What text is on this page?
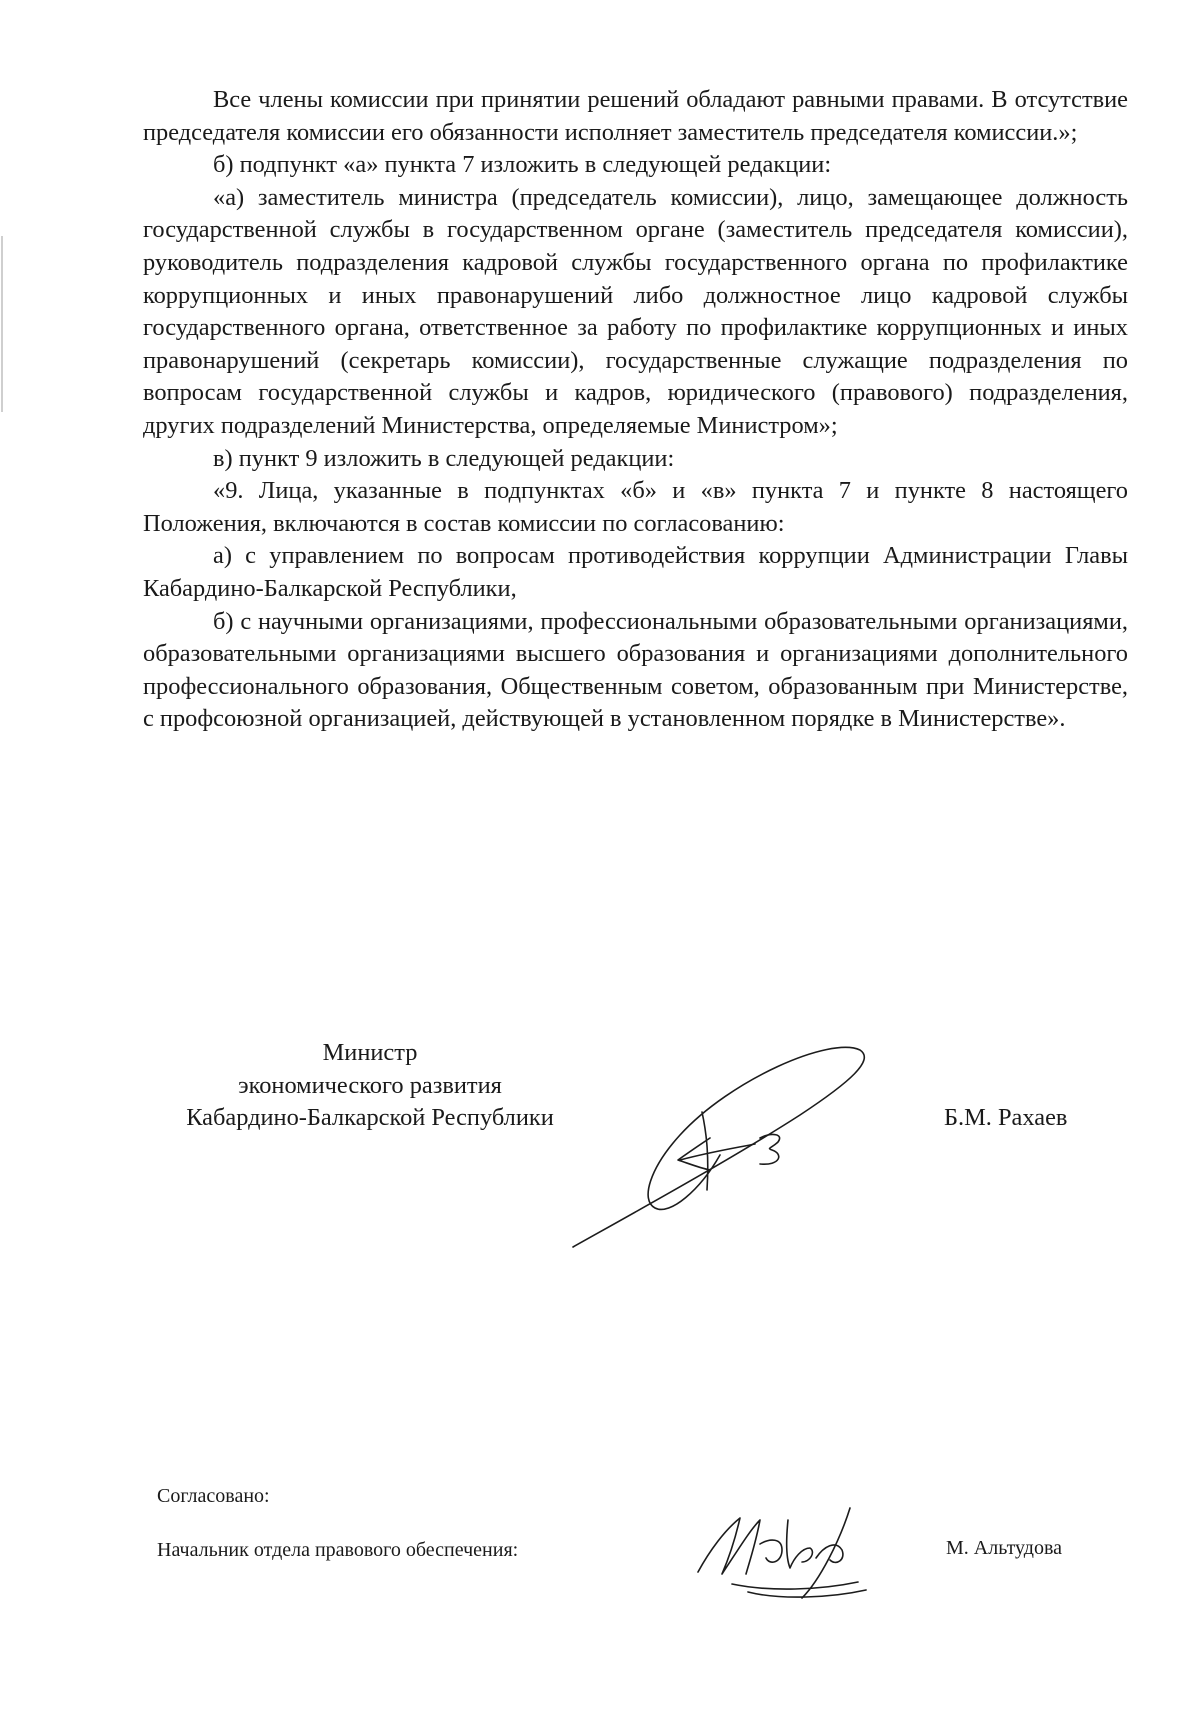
Все члены комиссии при принятии решений обладают равными правами. В отсутствие председателя комиссии его обязанности исполняет заместитель председателя комиссии.»;

б) подпункт «а» пункта 7 изложить в следующей редакции:

«а) заместитель министра (председатель комиссии), лицо, замещающее должность государственной службы в государственном органе (заместитель председателя комиссии), руководитель подразделения кадровой службы государственного органа по профилактике коррупционных и иных правонарушений либо должностное лицо кадровой службы государственного органа, ответственное за работу по профилактике коррупционных и иных правонарушений (секретарь комиссии), государственные служащие подразделения по вопросам государственной службы и кадров, юридического (правового) подразделения, других подразделений Министерства, определяемые Министром»;

в) пункт 9 изложить в следующей редакции:

«9. Лица, указанные в подпунктах «б» и «в» пункта 7 и пункте 8 настоящего Положения, включаются в состав комиссии по согласованию:

а) с управлением по вопросам противодействия коррупции Администрации Главы Кабардино-Балкарской Республики,

б) с научными организациями, профессиональными образовательными организациями, образовательными организациями высшего образования и организациями дополнительного профессионального образования, Общественным советом, образованным при Министерстве, с профсоюзной организацией, действующей в установленном порядке в Министерстве».

Министр
экономического развития
Кабардино-Балкарской Республики	Б.М. Рахаев
Согласовано:
Начальник отдела правового обеспечения:	М. Альтудова
